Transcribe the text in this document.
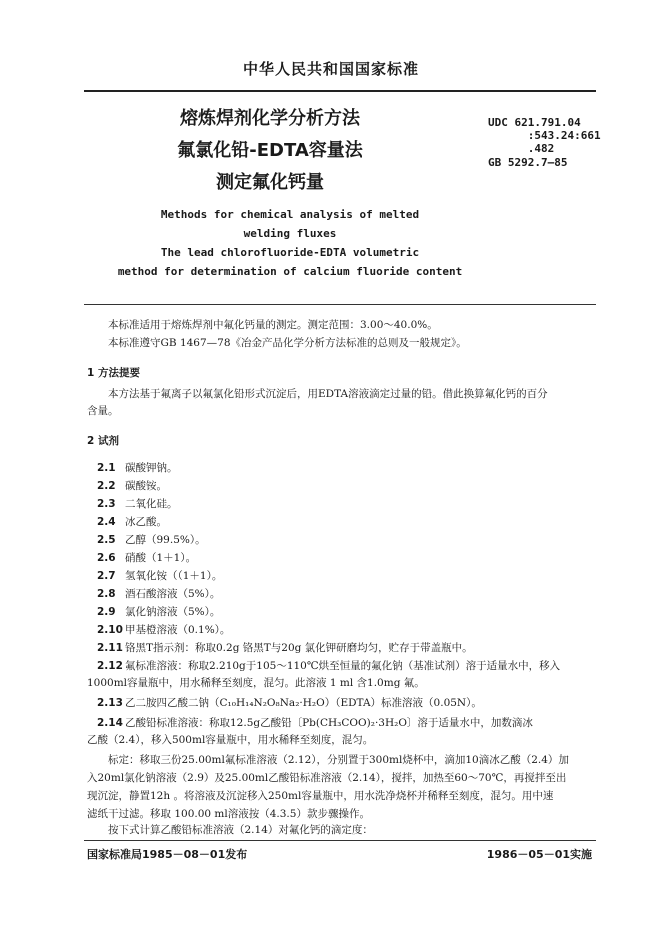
中华人民共和国国家标准
熔炼焊剂化学分析方法
氟氯化铅-EDTA容量法
测定氟化钙量
UDC 621.791.04
:543.24:661
.482
GB 5292.7—85
Methods for chemical analysis of melted
welding fluxes
The lead chlorofluoride-EDTA volumetric
method for determination of calcium fluoride content
本标准适用于熔炼焊剂中氟化钙量的测定。测定范围：3.00～40.0%。
本标准遵守GB 1467—78《冶金产品化学分析方法标准的总则及一般规定》。
1 方法提要
本方法基于氟离子以氟氯化铅形式沉淀后，用EDTA溶液滴定过量的铅。借此换算氟化钙的百分
含量。
2 试剂
2.1 碳酸钾钠。
2.2 碳酸铵。
2.3 二氧化硅。
2.4 冰乙酸。
2.5 乙醇（99.5%）。
2.6 硝酸（1＋1）。
2.7 氢氧化铵（（1＋1）。
2.8 酒石酸溶液（5%）。
2.9 氯化钠溶液（5%）。
2.10 甲基橙溶液（0.1%）。
2.11 铬黑T指示剂：称取0.2g 铬黑T与20g 氯化钾研磨均匀，贮存于带盖瓶中。
2.12 氟标准溶液：称取2.210g于105～110℃烘至恒量的氟化钠（基准试剂）溶于适量水中，移入
1000ml容量瓶中，用水稀释至刻度，混匀。此溶液 1 ml 含1.0mg 氟。
2.13 乙二胺四乙酸二钠（C₁₀H₁₄N₂O₈Na₂·H₂O）（EDTA）标准溶液（0.05N）。
2.14 乙酸铅标准溶液：称取12.5g乙酸铅〔Pb(CH₃COO)₂·3H₂O〕溶于适量水中，加数滴冰
乙酸（2.4），移入500ml容量瓶中，用水稀释至刻度，混匀。
标定：移取三份25.00ml氟标准溶液（2.12），分别置于300ml烧杯中，滴加10滴冰乙酸（2.4）加
入20ml氯化钠溶液（2.9）及25.00ml乙酸铅标准溶液（2.14），搅拌，加热至60～70℃，再搅拌至出
现沉淀，静置12h 。将溶液及沉淀移入250ml容量瓶中，用水洗净烧杯并稀释至刻度，混匀。用中速
滤纸干过滤。移取 100.00 ml溶液按（4.3.5）款步骤操作。
按下式计算乙酸铅标准溶液（2.14）对氟化钙的滴定度：
国家标准局1985－08－01发布	1986－05－01实施
